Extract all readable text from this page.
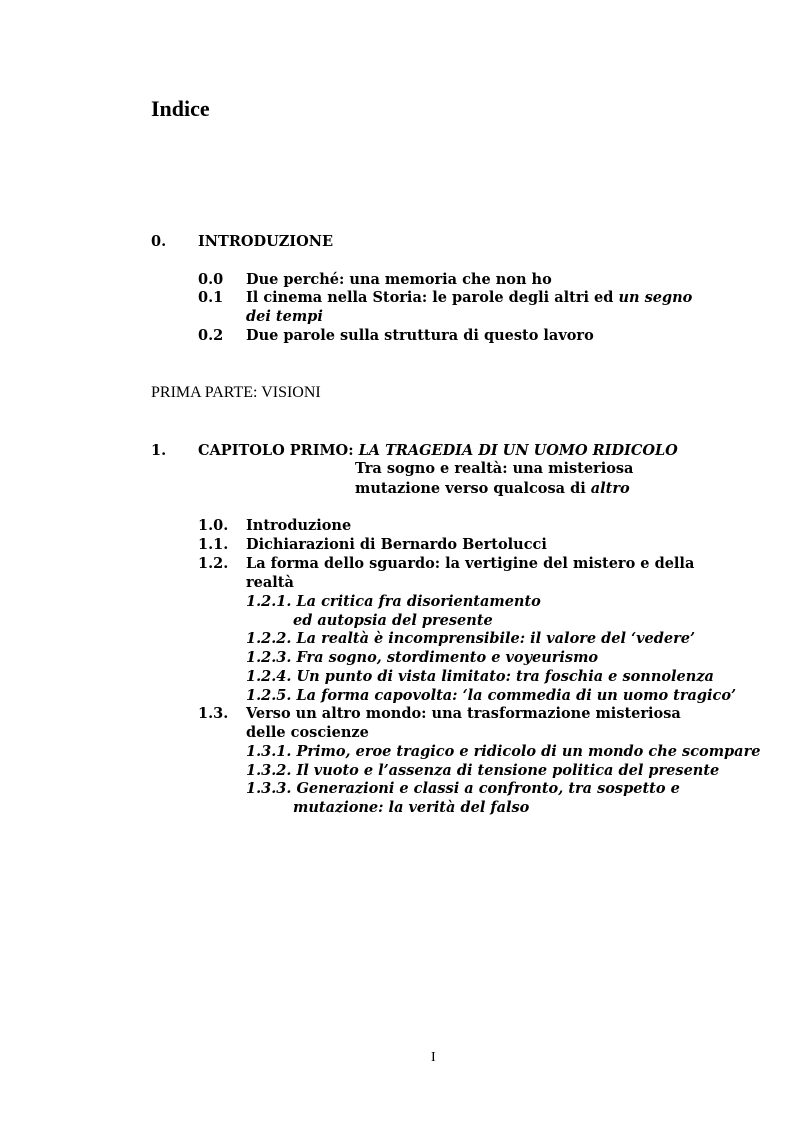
Indice
0. INTRODUZIONE
0.0 Due perché: una memoria che non ho
0.1 Il cinema nella Storia: le parole degli altri ed un segno
dei tempi
0.2 Due parole sulla struttura di questo lavoro
PRIMA PARTE: VISIONI
1. CAPITOLO PRIMO: LA TRAGEDIA DI UN UOMO RIDICOLO
Tra sogno e realtà: una misteriosa
mutazione verso qualcosa di altro
1.0. Introduzione
1.1. Dichiarazioni di Bernardo Bertolucci
1.2. La forma dello sguardo: la vertigine del mistero e della
realtà
1.2.1. La critica fra disorientamento
ed autopsia del presente
1.2.2. La realtà è incomprensibile: il valore del ‘vedere’
1.2.3. Fra sogno, stordimento e voyeurismo
1.2.4. Un punto di vista limitato: tra foschia e sonnolenza
1.2.5. La forma capovolta: ‘la commedia di un uomo tragico’
1.3. Verso un altro mondo: una trasformazione misteriosa
delle coscienze
1.3.1. Primo, eroe tragico e ridicolo di un mondo che scompare
1.3.2. Il vuoto e l’assenza di tensione politica del presente
1.3.3. Generazioni e classi a confronto, tra sospetto e
mutazione: la verità del falso
I
